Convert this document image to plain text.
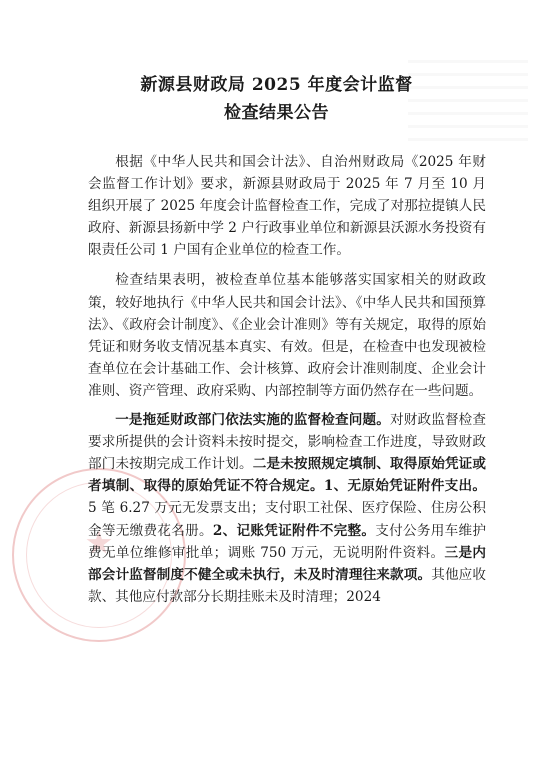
新源县财政局 2025 年度会计监督
检查结果公告

根据《中华人民共和国会计法》、自治州财政局《2025 年财会监督工作计划》要求，新源县财政局于 2025 年 7 月至 10 月组织开展了 2025 年度会计监督检查工作，完成了对那拉提镇人民政府、新源县扬新中学 2 户行政事业单位和新源县沃源水务投资有限责任公司 1 户国有企业单位的检查工作。

检查结果表明，被检查单位基本能够落实国家相关的财政政策，较好地执行《中华人民共和国会计法》、《中华人民共和国预算法》、《政府会计制度》、《企业会计准则》等有关规定，取得的原始凭证和财务收支情况基本真实、有效。但是，在检查中也发现被检查单位在会计基础工作、会计核算、政府会计准则制度、企业会计准则、资产管理、政府采购、内部控制等方面仍然存在一些问题。

一是拖延财政部门依法实施的监督检查问题。对财政监督检查要求所提供的会计资料未按时提交，影响检查工作进度，导致财政部门未按期完成工作计划。二是未按照规定填制、取得原始凭证或者填制、取得的原始凭证不符合规定。1、无原始凭证附件支出。5 笔 6.27 万元无发票支出；支付职工社保、医疗保险、住房公积金等无缴费花名册。2、记账凭证附件不完整。支付公务用车维护费无单位维修审批单；调账 750 万元，无说明附件资料。三是内部会计监督制度不健全或未执行，未及时清理往来款项。其他应收款、其他应付款部分长期挂账未及时清理；2024
